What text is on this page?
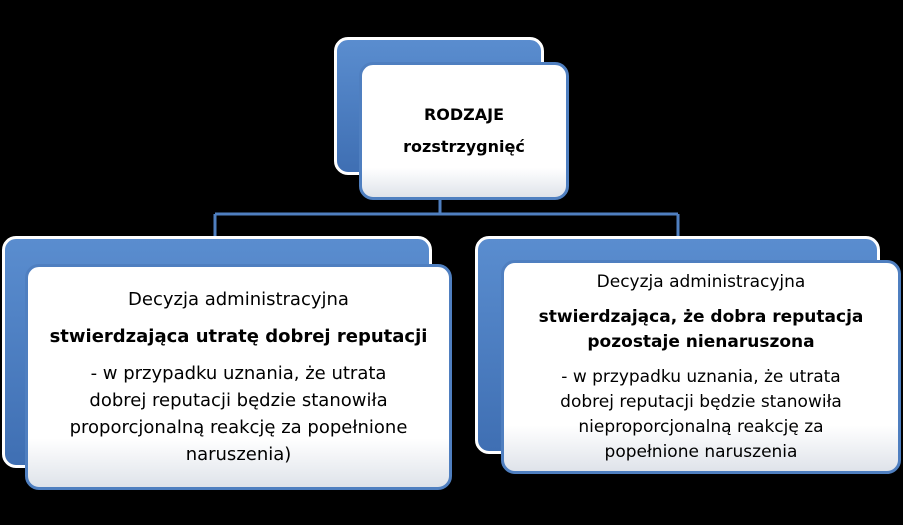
RODZAJE
rozstrzygnięć
Decyzja administracyjna
stwierdzająca utratę dobrej reputacji
- w przypadku uznania, że utrata
dobrej reputacji będzie stanowiła
proporcjonalną reakcję za popełnione
naruszenia)
Decyzja administracyjna
stwierdzająca, że dobra reputacja
pozostaje nienaruszona
- w przypadku uznania, że utrata
dobrej reputacji będzie stanowiła
nieproporcjonalną reakcję za
popełnione naruszenia
